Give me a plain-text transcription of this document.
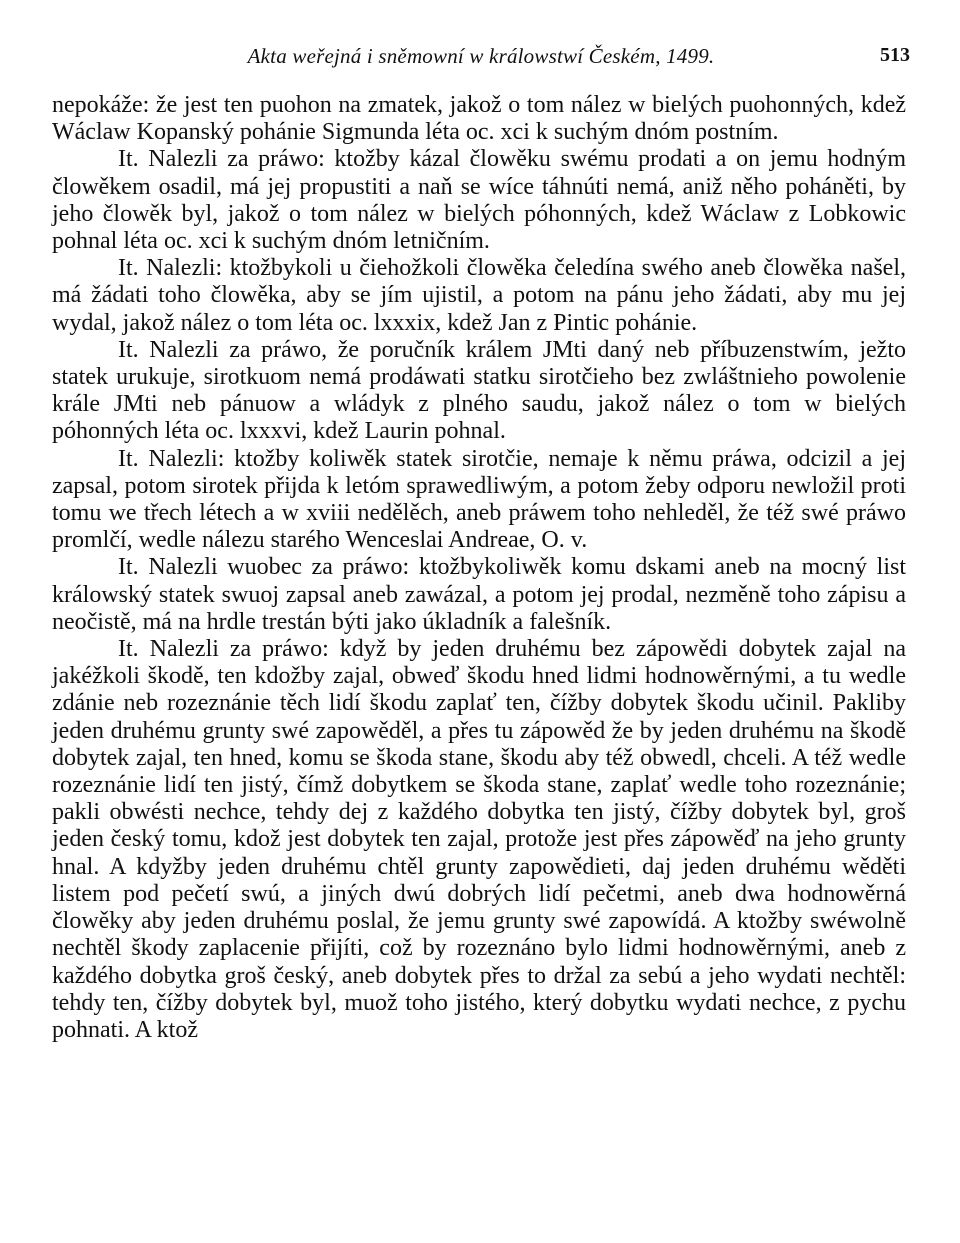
Akta weřejná i sněmowní w králowstwí Českém, 1499.	513

nepokáže: že jest ten puohon na zmatek, jakož o tom nález w bielých puohonných, kdež Wáclaw Kopanský pohánie Sigmunda léta oc. xci k suchým dnóm postním.

It. Nalezli za práwo: ktožby kázal člowěku swému prodati a on jemu hodným člowěkem osadil, má jej propustiti a naň se wíce táhnúti nemá, aniž něho poháněti, by jeho člowěk byl, jakož o tom nález w bielých póhonných, kdež Wáclaw z Lobkowic pohnal léta oc. xci k suchým dnóm letničním.

It. Nalezli: ktožbykoli u čiehožkoli člowěka čeledína swého aneb člowěka našel, má žádati toho člowěka, aby se jím ujistil, a potom na pánu jeho žádati, aby mu jej wydal, jakož nález o tom léta oc. lxxxix, kdež Jan z Pintic pohánie.

It. Nalezli za práwo, že poručník králem JMti daný neb příbuzenstwím, ježto statek urukuje, sirotkuom nemá prodáwati statku sirotčieho bez zwláštnieho powolenie krále JMti neb pánuow a wládyk z plného saudu, jakož nález o tom w bielých póhonných léta oc. lxxxvi, kdež Laurin pohnal.

It. Nalezli: ktožby koliwěk statek sirotčie, nemaje k němu práwa, odcizil a jej zapsal, potom sirotek přijda k letóm sprawedliwým, a potom žeby odporu newložil proti tomu we třech létech a w xviii nedělěch, aneb práwem toho nehleděl, že též swé práwo promlčí, wedle nálezu starého Wenceslai Andreae, O. v.

It. Nalezli wuobec za práwo: ktožbykoliwěk komu dskami aneb na mocný list králowský statek swuoj zapsal aneb zawázal, a potom jej prodal, nezměně toho zápisu a neočistě, má na hrdle trestán býti jako úkladník a falešník.

It. Nalezli za práwo: když by jeden druhému bez zápowědi dobytek zajal na jakéžkoli škodě, ten kdožby zajal, obweď škodu hned lidmi hodnowěrnými, a tu wedle zdánie neb rozeznánie těch lidí škodu zaplať ten, čížby dobytek škodu učinil. Pakliby jeden druhému grunty swé zapowěděl, a přes tu zápowěd že by jeden druhému na škodě dobytek zajal, ten hned, komu se škoda stane, škodu aby též obwedl, chceli. A též wedle rozeznánie lidí ten jistý, čímž dobytkem se škoda stane, zaplať wedle toho rozeznánie; pakli obwésti nechce, tehdy dej z každého dobytka ten jistý, čížby dobytek byl, groš jeden český tomu, kdož jest dobytek ten zajal, protože jest přes zápowěď na jeho grunty hnal. A kdyžby jeden druhému chtěl grunty zapowědieti, daj jeden druhému wěděti listem pod pečetí swú, a jiných dwú dobrých lidí pečetmi, aneb dwa hodnowěrná člowěky aby jeden druhému poslal, že jemu grunty swé zapowídá. A ktožby swéwolně nechtěl škody zaplacenie přijíti, což by rozeznáno bylo lidmi hodnowěrnými, aneb z každého dobytka groš český, aneb dobytek přes to držal za sebú a jeho wydati nechtěl: tehdy ten, čížby dobytek byl, muož toho jistého, který dobytku wydati nechce, z pychu pohnati. A ktož
